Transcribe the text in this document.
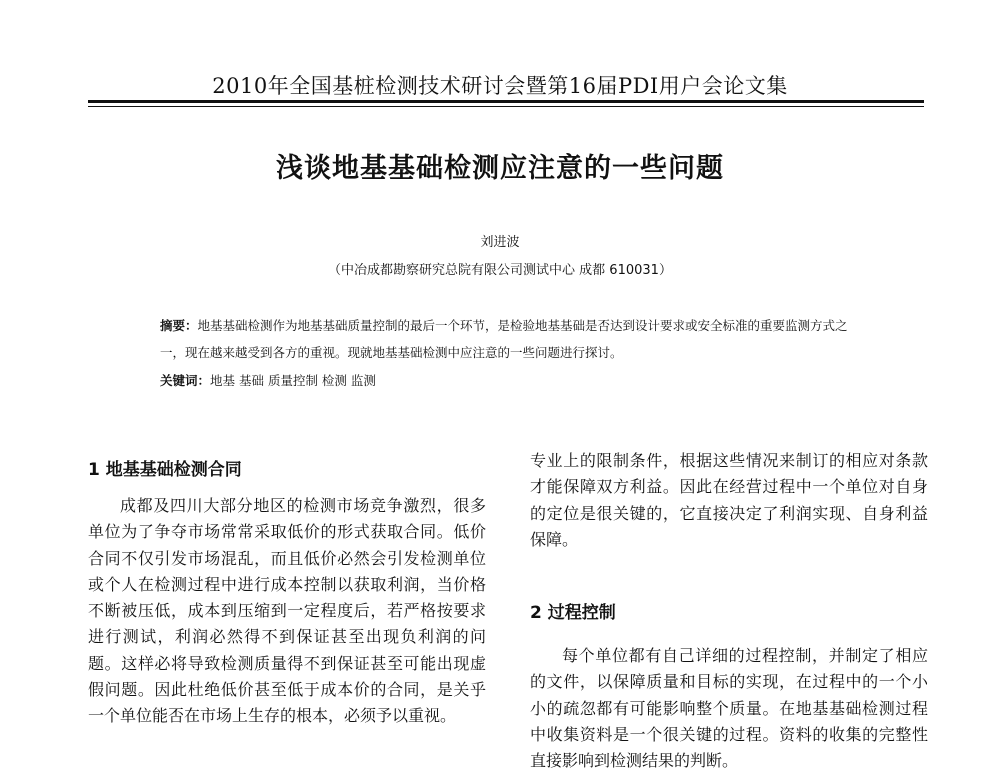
2010年全国基桩检测技术研讨会暨第16届PDI用户会论文集
浅谈地基基础检测应注意的一些问题
刘进波
（中冶成都勘察研究总院有限公司测试中心 成都 610031）
摘要：地基基础检测作为地基基础质量控制的最后一个环节，是检验地基基础是否达到设计要求或安全标准的重要监测方式之一，现在越来越受到各方的重视。现就地基基础检测中应注意的一些问题进行探讨。
关键词：地基 基础 质量控制 检测 监测
1 地基基础检测合同
成都及四川大部分地区的检测市场竞争激烈，很多单位为了争夺市场常常采取低价的形式获取合同。低价合同不仅引发市场混乱，而且低价必然会引发检测单位或个人在检测过程中进行成本控制以获取利润，当价格不断被压低，成本到压缩到一定程度后，若严格按要求进行测试，利润必然得不到保证甚至出现负利润的问题。这样必将导致检测质量得不到保证甚至可能出现虚假问题。因此杜绝低价甚至低于成本价的合同，是关乎一个单位能否在市场上生存的根本，必须予以重视。
专业上的限制条件，根据这些情况来制订的相应对条款才能保障双方利益。因此在经营过程中一个单位对自身的定位是很关键的，它直接决定了利润实现、自身利益保障。
2 过程控制
每个单位都有自己详细的过程控制，并制定了相应的文件，以保障质量和目标的实现，在过程中的一个小小的疏忽都有可能影响整个质量。在地基基础检测过程中收集资料是一个很关键的过程。资料的收集的完整性直接影响到检测结果的判断。
